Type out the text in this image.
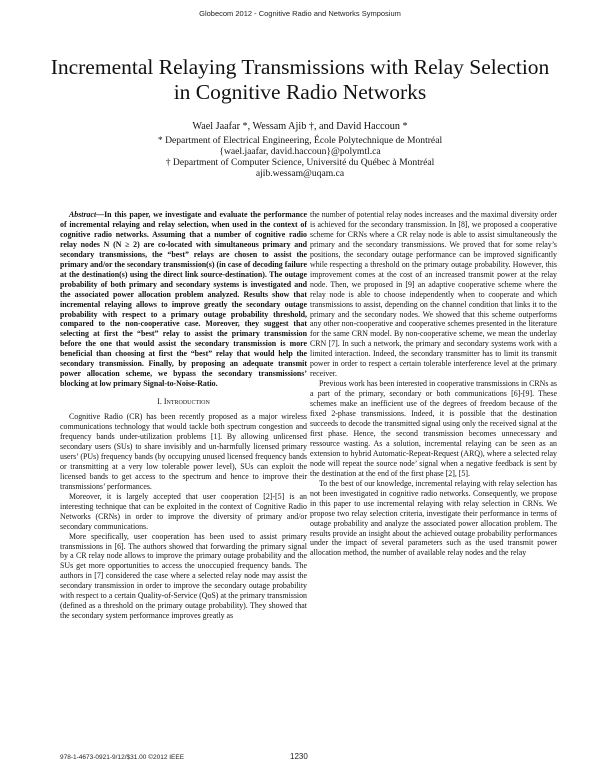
Globecom 2012 - Cognitive Radio and Networks Symposium
Incremental Relaying Transmissions with Relay Selection in Cognitive Radio Networks
Wael Jaafar *, Wessam Ajib †, and David Haccoun *
* Department of Electrical Engineering, École Polytechnique de Montréal
{wael.jaafar, david.haccoun}@polymtl.ca
† Department of Computer Science, Université du Québec à Montréal
ajib.wessam@uqam.ca

Abstract—In this paper, we investigate and evaluate the performance of incremental relaying and relay selection, when used in the context of cognitive radio networks. Assuming that a number of cognitive radio relay nodes N (N ≥ 2) are co-located with simultaneous primary and secondary transmissions, the “best” relays are chosen to assist the primary and/or the secondary transmission(s) (in case of decoding failure at the destination(s) using the direct link source-destination). The outage probability of both primary and secondary systems is investigated and the associated power allocation problem analyzed. Results show that incremental relaying allows to improve greatly the secondary outage probability with respect to a primary outage probability threshold, compared to the non-cooperative case. Moreover, they suggest that selecting at first the “best” relay to assist the primary transmission before the one that would assist the secondary transmission is more beneficial than choosing at first the “best” relay that would help the secondary transmission. Finally, by proposing an adequate transmit power allocation scheme, we bypass the secondary transmissions’ blocking at low primary Signal-to-Noise-Ratio.

I. Introduction

Cognitive Radio (CR) has been recently proposed as a major wireless communications technology that would tackle both spectrum congestion and frequency bands under-utilization problems [1]. By allowing unlicensed secondary users (SUs) to share invisibly and un-harmfully licensed primary users’ (PUs) frequency bands (by occupying unused licensed frequency bands or transmitting at a very low tolerable power level), SUs can exploit the licensed bands to get access to the spectrum and hence to improve their transmissions’ performances.

Moreover, it is largely accepted that user cooperation [2]-[5] is an interesting technique that can be exploited in the context of Cognitive Radio Networks (CRNs) in order to improve the diversity of primary and/or secondary communications.

More specifically, user cooperation has been used to assist primary transmissions in [6]. The authors showed that forwarding the primary signal by a CR relay node allows to improve the primary outage probability and the SUs get more opportunities to access the unoccupied frequency bands. The authors in [7] considered the case where a selected relay node may assist the secondary transmission in order to improve the secondary outage probability with respect to a certain Quality-of-Service (QoS) at the primary transmission (defined as a threshold on the primary outage probability). They showed that the secondary system performance improves greatly as

the number of potential relay nodes increases and the maximal diversity order is achieved for the secondary transmission. In [8], we proposed a cooperative scheme for CRNs where a CR relay node is able to assist simultaneously the primary and the secondary transmissions. We proved that for some relay’s positions, the secondary outage performance can be improved significantly while respecting a threshold on the primary outage probability. However, this improvement comes at the cost of an increased transmit power at the relay node. Then, we proposed in [9] an adaptive cooperative scheme where the relay node is able to choose independently when to cooperate and which transmissions to assist, depending on the channel condition that links it to the primary and the secondary nodes. We showed that this scheme outperforms any other non-cooperative and cooperative schemes presented in the literature for the same CRN model. By non-cooperative scheme, we mean the underlay CRN [7]. In such a network, the primary and secondary systems work with a limited interaction. Indeed, the secondary transmitter has to limit its transmit power in order to respect a certain tolerable interference level at the primary receiver.

Previous work has been interested in cooperative transmissions in CRNs as a part of the primary, secondary or both communications [6]-[9]. These schemes make an inefficient use of the degrees of freedom because of the fixed 2-phase transmissions. Indeed, it is possible that the destination succeeds to decode the transmitted signal using only the received signal at the first phase. Hence, the second transmission becomes unnecessary and ressource wasting. As a solution, incremental relaying can be seen as an extension to hybrid Automatic-Repeat-Request (ARQ), where a selected relay node will repeat the source node’ signal when a negative feedback is sent by the destination at the end of the first phase [2], [5].

To the best of our knowledge, incremental relaying with relay selection has not been investigated in cognitive radio networks. Consequently, we propose in this paper to use incremental relaying with relay selection in CRNs. We propose two relay selection criteria, investigate their performance in terms of outage probability and analyze the associated power allocation problem. The results provide an insight about the achieved outage probability performances under the impact of several parameters such as the used transmit power allocation method, the number of available relay nodes and the relay

978-1-4673-0921-9/12/$31.00 ©2012 IEEE	1230
